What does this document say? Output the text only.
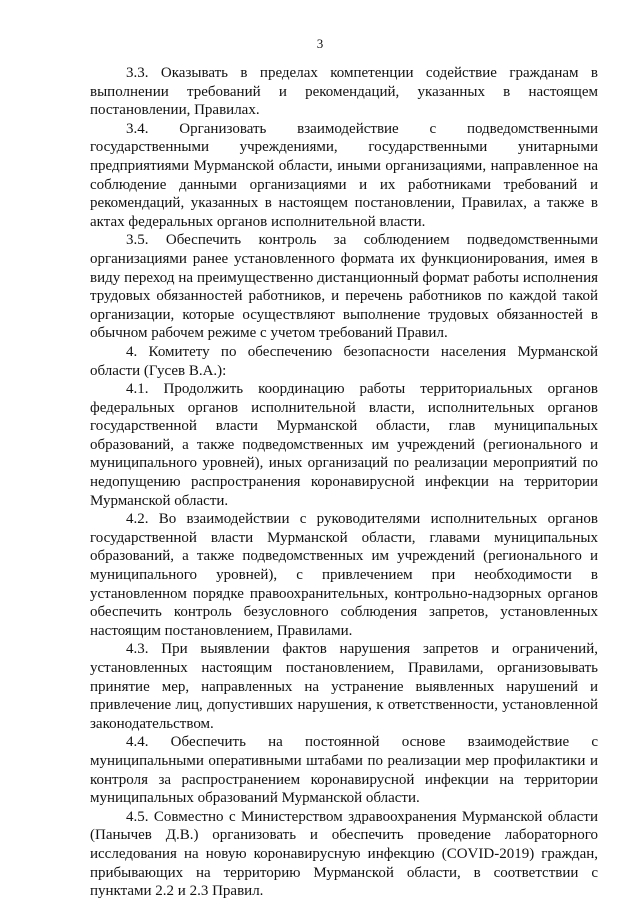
3

3.3. Оказывать в пределах компетенции содействие гражданам в выполнении требований и рекомендаций, указанных в настоящем постановлении, Правилах.

3.4. Организовать взаимодействие с подведомственными государственными учреждениями, государственными унитарными предприятиями Мурманской области, иными организациями, направленное на соблюдение данными организациями и их работниками требований и рекомендаций, указанных в настоящем постановлении, Правилах, а также в актах федеральных органов исполнительной власти.

3.5. Обеспечить контроль за соблюдением подведомственными организациями ранее установленного формата их функционирования, имея в виду переход на преимущественно дистанционный формат работы исполнения трудовых обязанностей работников, и перечень работников по каждой такой организации, которые осуществляют выполнение трудовых обязанностей в обычном рабочем режиме с учетом требований Правил.

4. Комитету по обеспечению безопасности населения Мурманской области (Гусев В.А.):

4.1. Продолжить координацию работы территориальных органов федеральных органов исполнительной власти, исполнительных органов государственной власти Мурманской области, глав муниципальных образований, а также подведомственных им учреждений (регионального и муниципального уровней), иных организаций по реализации мероприятий по недопущению распространения коронавирусной инфекции на территории Мурманской области.

4.2. Во взаимодействии с руководителями исполнительных органов государственной власти Мурманской области, главами муниципальных образований, а также подведомственных им учреждений (регионального и муниципального уровней), с привлечением при необходимости в установленном порядке правоохранительных, контрольно-надзорных органов обеспечить контроль безусловного соблюдения запретов, установленных настоящим постановлением, Правилами.

4.3. При выявлении фактов нарушения запретов и ограничений, установленных настоящим постановлением, Правилами, организовывать принятие мер, направленных на устранение выявленных нарушений и привлечение лиц, допустивших нарушения, к ответственности, установленной законодательством.

4.4. Обеспечить на постоянной основе взаимодействие с муниципальными оперативными штабами по реализации мер профилактики и контроля за распространением коронавирусной инфекции на территории муниципальных образований Мурманской области.

4.5. Совместно с Министерством здравоохранения Мурманской области (Панычев Д.В.) организовать и обеспечить проведение лабораторного исследования на новую коронавирусную инфекцию (COVID-2019) граждан, прибывающих на территорию Мурманской области, в соответствии с пунктами 2.2 и 2.3 Правил.
